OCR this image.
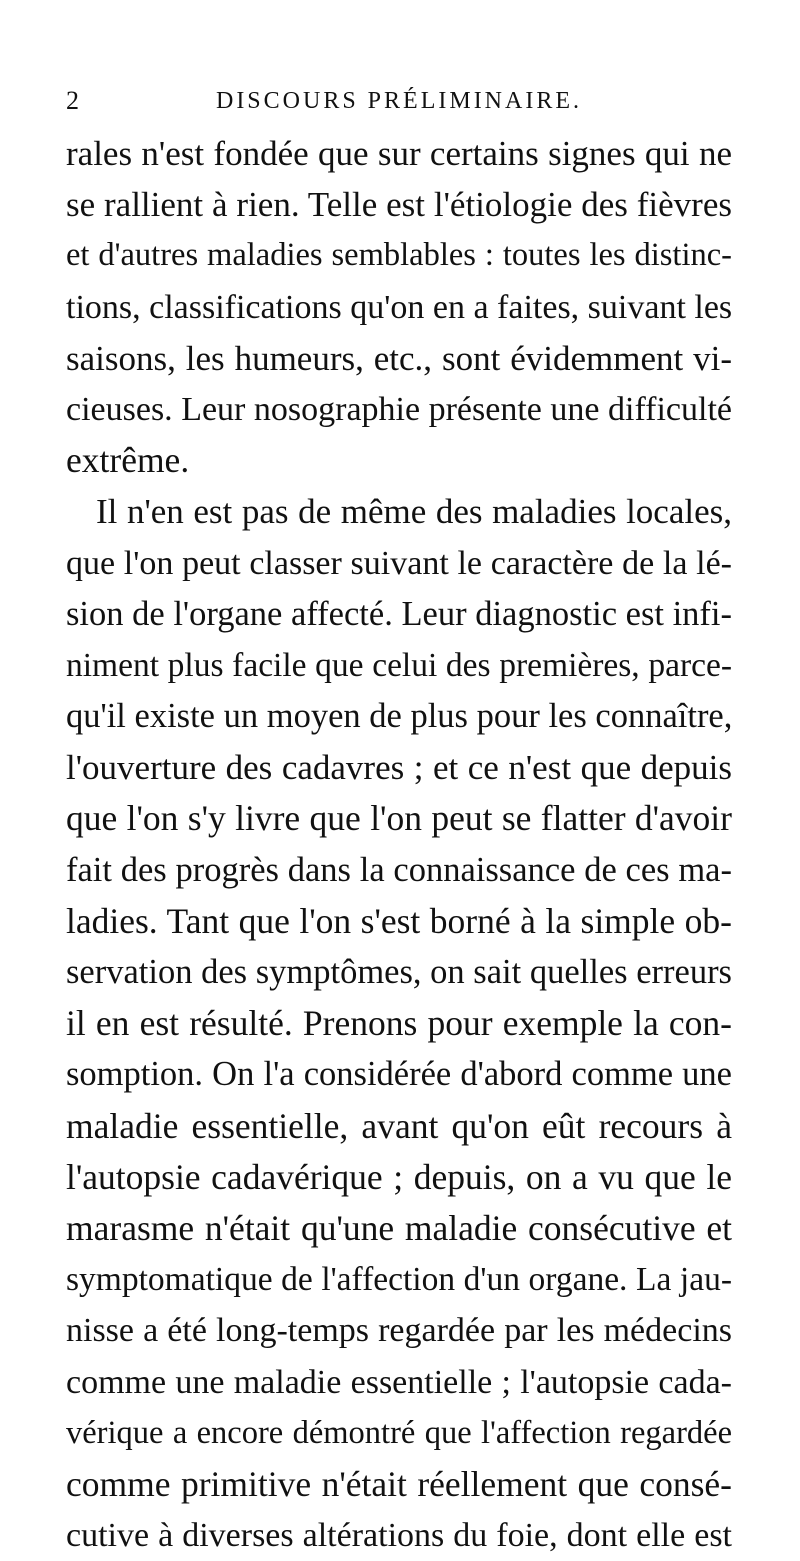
2	DISCOURS PRÉLIMINAIRE.
rales n'est fondée que sur certains signes qui ne
se rallient à rien. Telle est l'étiologie des fièvres
et d'autres maladies semblables : toutes les distinc-
tions, classifications qu'on en a faites, suivant les
saisons, les humeurs, etc., sont évidemment vi-
cieuses. Leur nosographie présente une difficulté
extrême.
Il n'en est pas de même des maladies locales,
que l'on peut classer suivant le caractère de la lé-
sion de l'organe affecté. Leur diagnostic est infi-
niment plus facile que celui des premières, parce-
qu'il existe un moyen de plus pour les connaître,
l'ouverture des cadavres ; et ce n'est que depuis
que l'on s'y livre que l'on peut se flatter d'avoir
fait des progrès dans la connaissance de ces ma-
ladies. Tant que l'on s'est borné à la simple ob-
servation des symptômes, on sait quelles erreurs
il en est résulté. Prenons pour exemple la con-
somption. On l'a considérée d'abord comme une
maladie essentielle, avant qu'on eût recours à
l'autopsie cadavérique ; depuis, on a vu que le
marasme n'était qu'une maladie consécutive et
symptomatique de l'affection d'un organe. La jau-
nisse a été long-temps regardée par les médecins
comme une maladie essentielle ; l'autopsie cada-
vérique a encore démontré que l'affection regardée
comme primitive n'était réellement que consé-
cutive à diverses altérations du foie, dont elle est
